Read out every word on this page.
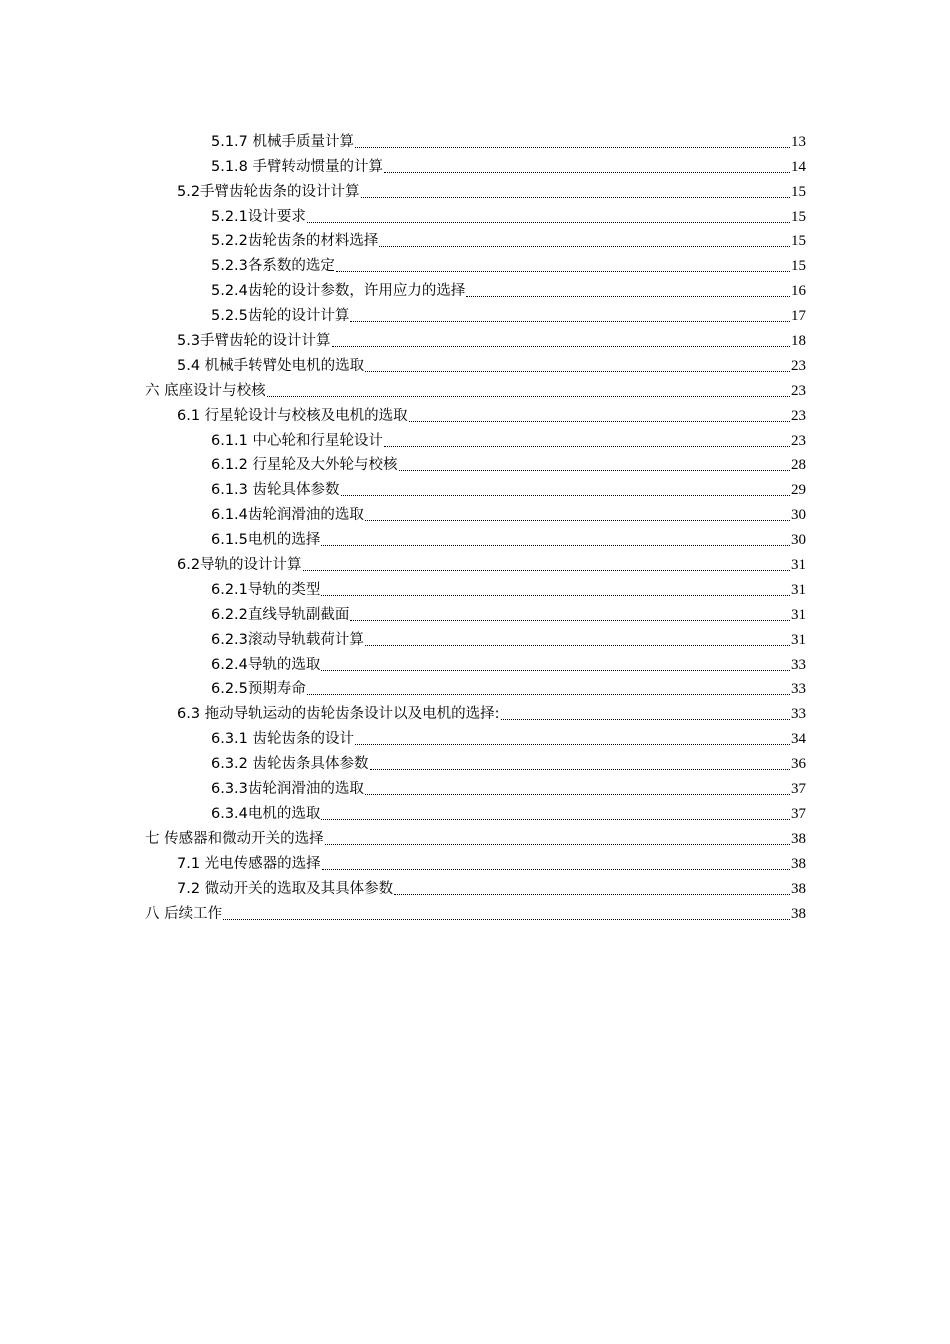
5.1.7 机械手质量计算	13
5.1.8 手臂转动惯量的计算	14
5.2手臂齿轮齿条的设计计算	15
5.2.1设计要求	15
5.2.2齿轮齿条的材料选择	15
5.2.3各系数的选定	15
5.2.4齿轮的设计参数，许用应力的选择	16
5.2.5齿轮的设计计算	17
5.3手臂齿轮的设计计算	18
5.4 机械手转臂处电机的选取	23
六 底座设计与校核	23
6.1 行星轮设计与校核及电机的选取	23
6.1.1 中心轮和行星轮设计	23
6.1.2 行星轮及大外轮与校核	28
6.1.3 齿轮具体参数	29
6.1.4齿轮润滑油的选取	30
6.1.5电机的选择	30
6.2导轨的设计计算	31
6.2.1导轨的类型	31
6.2.2直线导轨副截面	31
6.2.3滚动导轨载荷计算	31
6.2.4导轨的选取	33
6.2.5预期寿命	33
6.3 拖动导轨运动的齿轮齿条设计以及电机的选择:	33
6.3.1 齿轮齿条的设计	34
6.3.2 齿轮齿条具体参数	36
6.3.3齿轮润滑油的选取	37
6.3.4电机的选取	37
七 传感器和微动开关的选择	38
7.1 光电传感器的选择	38
7.2 微动开关的选取及其具体参数	38
八 后续工作	38
